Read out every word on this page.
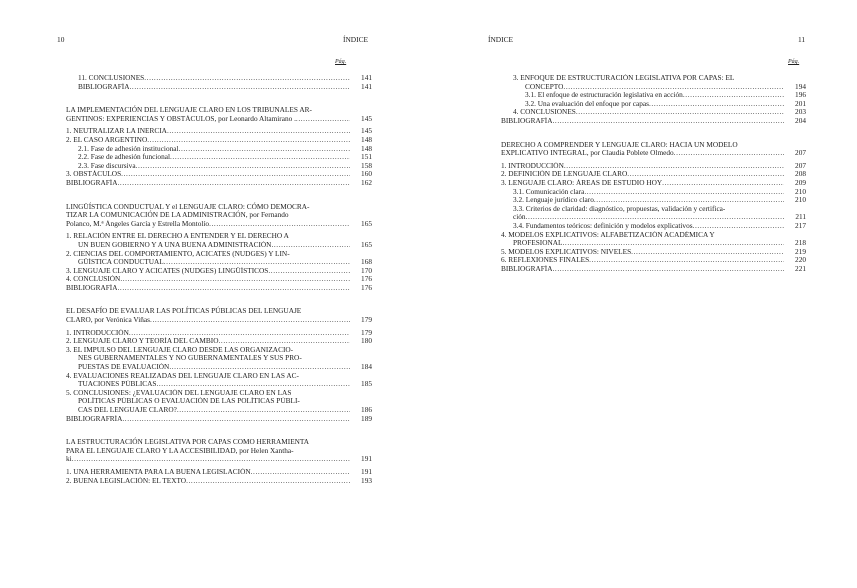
10	ÍNDICE
Pág.
11. CONCLUSIONES .....	141
BIBLIOGRAFÍA .....	141
LA IMPLEMENTACIÓN DEL LENGUAJE CLARO EN LOS TRIBUNALES AR-
GENTINOS: EXPERIENCIAS Y OBSTÁCULOS, por Leonardo Altamirano . .....	145
1. NEUTRALIZAR LA INERCIA .....	145
2. EL CASO ARGENTINO .....	148
2.1. Fase de adhesión institucional .....	148
2.2. Fase de adhesión funcional .....	151
2.3. Fase discursiva .....	158
3. OBSTÁCULOS .....	160
BIBLIOGRAFÍA .....	162
LINGÜÍSTICA CONDUCTUAL Y el LENGUAJE CLARO: CÓMO DEMOCRA-
TIZAR LA COMUNICACIÓN DE LA ADMINISTRACIÓN, por Fernando
Polanco, M.ª Ángeles García y Estrella Montolío .....	165
1. RELACIÓN ENTRE EL DERECHO A ENTENDER Y EL DERECHO A
UN BUEN GOBIERNO Y A UNA BUENA ADMINISTRACIÓN .....	165
2. CIENCIAS DEL COMPORTAMIENTO, ACICATES (NUDGES) Y LIN-
GÜÍSTICA CONDUCTUAL .....	168
3. LENGUAJE CLARO Y ACICATES (NUDGES) LINGÜÍSTICOS .....	170
4. CONCLUSIÓN .....	176
BIBLIOGRAFÍA .....	176
EL DESAFÍO DE EVALUAR LAS POLÍTICAS PÚBLICAS DEL LENGUAJE
CLARO, por Verónica Viñas .....	179
1. INTRODUCCIÓN .....	179
2. LENGUAJE CLARO Y TEORÍA DEL CAMBIO .....	180
3. EL IMPULSO DEL LENGUAJE CLARO DESDE LAS ORGANIZACIO-
NES GUBERNAMENTALES Y NO GUBERNAMENTALES Y SUS PRO-
PUESTAS DE EVALUACIÓN .....	184
4. EVALUACIONES REALIZADAS DEL LENGUAJE CLARO EN LAS AC-
TUACIONES PÚBLICAS .....	185
5. CONCLUSIONES: ¿EVALUACIÓN DEL LENGUAJE CLARO EN LAS
POLÍTICAS PÚBLICAS O EVALUACIÓN DE LAS POLÍTICAS PÚBLI-
CAS DEL LENGUAJE CLARO? .....	186
BIBLIOGRAFRÍA .....	189
LA ESTRUCTURACIÓN LEGISLATIVA POR CAPAS COMO HERRAMIENTA
PARA EL LENGUAJE CLARO Y LA ACCESIBILIDAD, por Helen Xantha-
ki .....	191
1. UNA HERRAMIENTA PARA LA BUENA LEGISLACIÓN .....	191
2. BUENA LEGISLACIÓN: EL TEXTO .....	193
ÍNDICE	11
Pág.
3. ENFOQUE DE ESTRUCTURACIÓN LEGISLATIVA POR CAPAS: EL
CONCEPTO .....	194
3.1. El enfoque de estructuración legislativa en acción .....	196
3.2. Una evaluación del enfoque por capas .....	201
4. CONCLUSIONES .....	203
BIBLIOGRAFÍA .....	204
DERECHO A COMPRENDER Y LENGUAJE CLARO: HACIA UN MODELO
EXPLICATIVO INTEGRAL, por Claudia Poblete Olmedo .....	207
1. INTRODUCCIÓN .....	207
2. DEFINICIÓN DE LENGUAJE CLARO .....	208
3. LENGUAJE CLARO: ÁREAS DE ESTUDIO HOY .....	209
3.1. Comunicación clara .....	210
3.2. Lenguaje jurídico claro .....	210
3.3. Criterios de claridad: diagnóstico, propuestas, validación y certifica-
ción .....	211
3.4. Fundamentos teóricos: definición y modelos explicativos .....	217
4. MODELOS EXPLICATIVOS: ALFABETIZACIÓN ACADÉMICA Y
PROFESIONAL .....	218
5. MODELOS EXPLICATIVOS: NIVELES .....	219
6. REFLEXIONES FINALES .....	220
BIBLIOGRAFÍA .....	221
